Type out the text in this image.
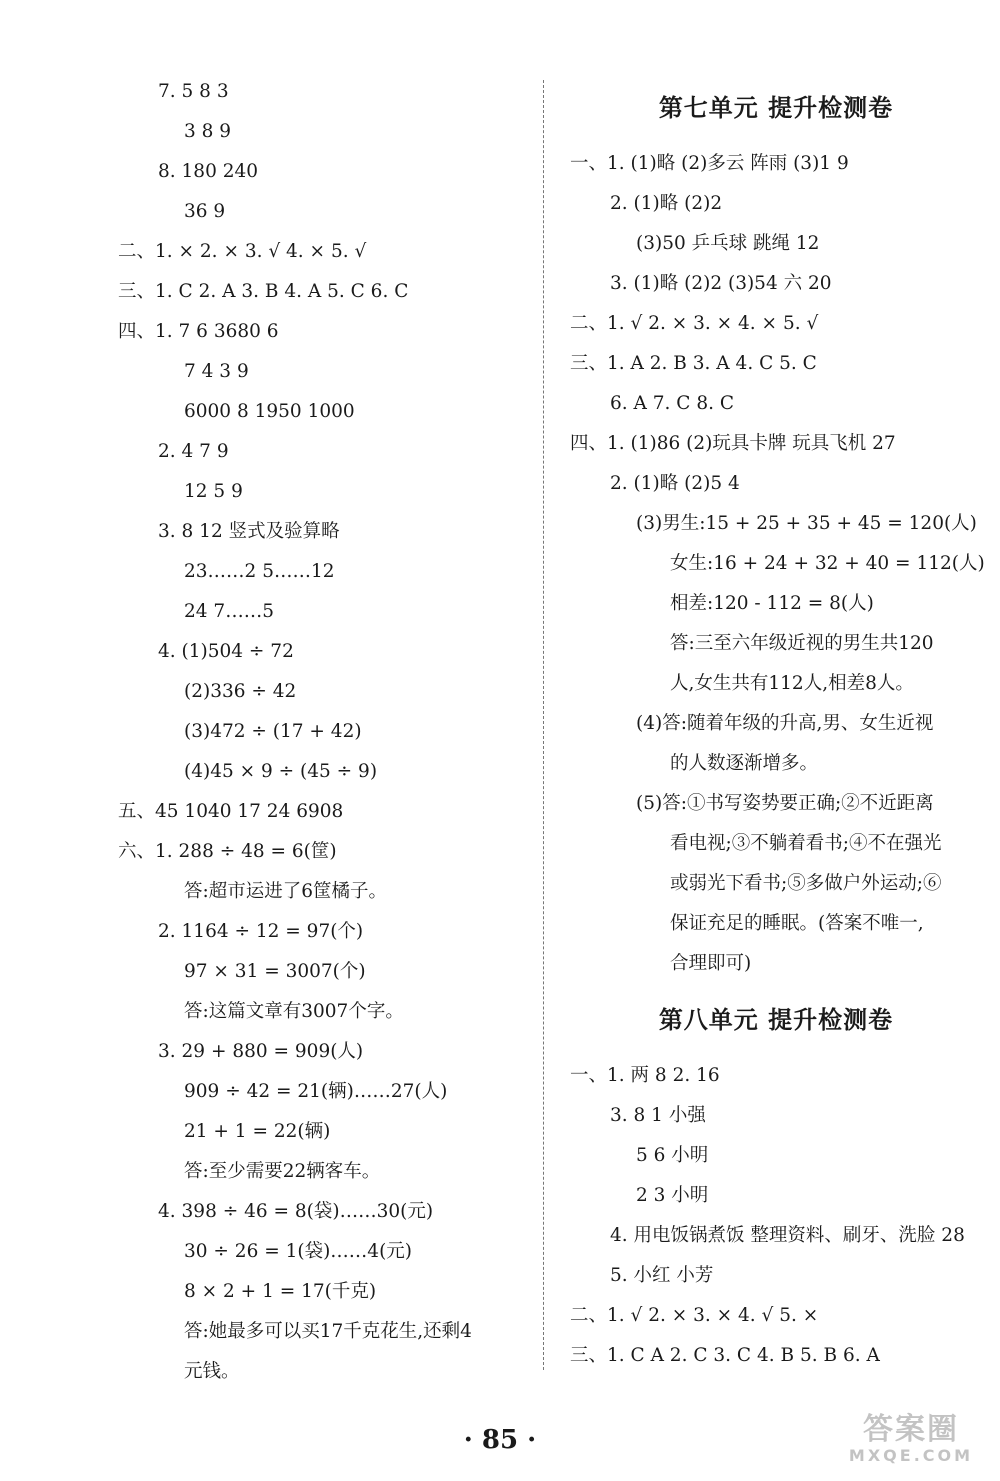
7. 5 8 3
3 8 9
8. 180 240
36 9
二、1. × 2. × 3. √ 4. × 5. √
三、1. C 2. A 3. B 4. A 5. C 6. C
四、1. 7 6 3680 6
7 4 3 9
6000 8 1950 1000
2. 4 7 9
12 5 9
3. 8 12 竖式及验算略
23……2 5……12
24 7……5
4. (1)504 ÷ 72
(2)336 ÷ 42
(3)472 ÷ (17 + 42)
(4)45 × 9 ÷ (45 ÷ 9)
五、45 1040 17 24 6908
六、1. 288 ÷ 48 = 6(筐)
答:超市运进了6筐橘子。
2. 1164 ÷ 12 = 97(个)
97 × 31 = 3007(个)
答:这篇文章有3007个字。
3. 29 + 880 = 909(人)
909 ÷ 42 = 21(辆)……27(人)
21 + 1 = 22(辆)
答:至少需要22辆客车。
4. 398 ÷ 46 = 8(袋)……30(元)
30 ÷ 26 = 1(袋)……4(元)
8 × 2 + 1 = 17(千克)
答:她最多可以买17千克花生,还剩4
元钱。
第七单元 提升检测卷
一、1. (1)略 (2)多云 阵雨 (3)1 9
2. (1)略 (2)2
(3)50 乒乓球 跳绳 12
3. (1)略 (2)2 (3)54 六 20
二、1. √ 2. × 3. × 4. × 5. √
三、1. A 2. B 3. A 4. C 5. C
6. A 7. C 8. C
四、1. (1)86 (2)玩具卡牌 玩具飞机 27
2. (1)略 (2)5 4
(3)男生:15 + 25 + 35 + 45 = 120(人)
女生:16 + 24 + 32 + 40 = 112(人)
相差:120 - 112 = 8(人)
答:三至六年级近视的男生共120
人,女生共有112人,相差8人。
(4)答:随着年级的升高,男、女生近视
的人数逐渐增多。
(5)答:①书写姿势要正确;②不近距离
看电视;③不躺着看书;④不在强光
或弱光下看书;⑤多做户外运动;⑥
保证充足的睡眠。(答案不唯一,
合理即可)
第八单元 提升检测卷
一、1. 两 8 2. 16
3. 8 1 小强
5 6 小明
2 3 小明
4. 用电饭锅煮饭 整理资料、刷牙、洗脸 28
5. 小红 小芳
二、1. √ 2. × 3. × 4. √ 5. ×
三、1. C A 2. C 3. C 4. B 5. B 6. A
· 85 ·	答案圈
MXQE.COM
